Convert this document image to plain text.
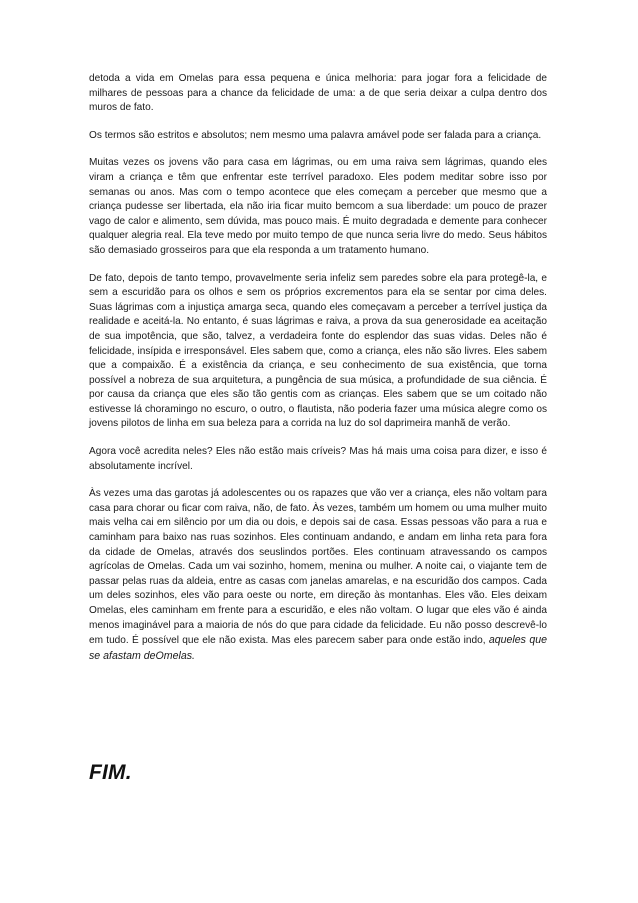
detoda a vida em Omelas para essa pequena e única melhoria: para jogar fora a felicidade de milhares de pessoas para a chance da felicidade de uma: a de que seria deixar a culpa dentro dos muros de fato.

Os termos são estritos e absolutos; nem mesmo uma palavra amável pode ser falada para a criança.

Muitas vezes os jovens vão para casa em lágrimas, ou em uma raiva sem lágrimas, quando eles viram a criança e têm que enfrentar este terrível paradoxo. Eles podem meditar sobre isso por semanas ou anos. Mas com o tempo acontece que eles começam a perceber que mesmo que a criança pudesse ser libertada, ela não iria ficar muito bemcom a sua liberdade: um pouco de prazer vago de calor e alimento, sem dúvida, mas pouco mais. É muito degradada e demente para conhecer qualquer alegria real. Ela teve medo por muito tempo de que nunca seria livre do medo. Seus hábitos são demasiado grosseiros para que ela responda a um tratamento humano.

De fato, depois de tanto tempo, provavelmente seria infeliz sem paredes sobre ela para protegê-la, e sem a escuridão para os olhos e sem os próprios excrementos para ela se sentar por cima deles. Suas lágrimas com a injustiça amarga seca, quando eles começavam a perceber a terrível justiça da realidade e aceitá-la. No entanto, é suas lágrimas e raiva, a prova da sua generosidade ea aceitação de sua impotência, que são, talvez, a verdadeira fonte do esplendor das suas vidas. Deles não é felicidade, insípida e irresponsável. Eles sabem que, como a criança, eles não são livres. Eles sabem que a compaixão. É a existência da criança, e seu conhecimento de sua existência, que torna possível a nobreza de sua arquitetura, a pungência de sua música, a profundidade de sua ciência. É por causa da criança que eles são tão gentis com as crianças. Eles sabem que se um coitado não estivesse lá choramingo no escuro, o outro, o flautista, não poderia fazer uma música alegre como os jovens pilotos de linha em sua beleza para a corrida na luz do sol daprimeira manhã de verão.

Agora você acredita neles? Eles não estão mais críveis? Mas há mais uma coisa para dizer, e isso é absolutamente incrível.

Às vezes uma das garotas já adolescentes ou os rapazes que vão ver a criança, eles não voltam para casa para chorar ou ficar com raiva, não, de fato. Às vezes, também um homem ou uma mulher muito mais velha cai em silêncio por um dia ou dois, e depois sai de casa. Essas pessoas vão para a rua e caminham para baixo nas ruas sozinhos. Eles continuam andando, e andam em linha reta para fora da cidade de Omelas, através dos seuslindos portões. Eles continuam atravessando os campos agrícolas de Omelas. Cada um vai sozinho, homem, menina ou mulher. A noite cai, o viajante tem de passar pelas ruas da aldeia, entre as casas com janelas amarelas, e na escuridão dos campos. Cada um deles sozinhos, eles vão para oeste ou norte, em direção às montanhas. Eles vão. Eles deixam Omelas, eles caminham em frente para a escuridão, e eles não voltam. O lugar que eles vão é ainda menos imaginável para a maioria de nós do que para cidade da felicidade. Eu não posso descrevê-lo em tudo. É possível que ele não exista. Mas eles parecem saber para onde estão indo, aqueles que se afastam deOmelas.

FIM.
